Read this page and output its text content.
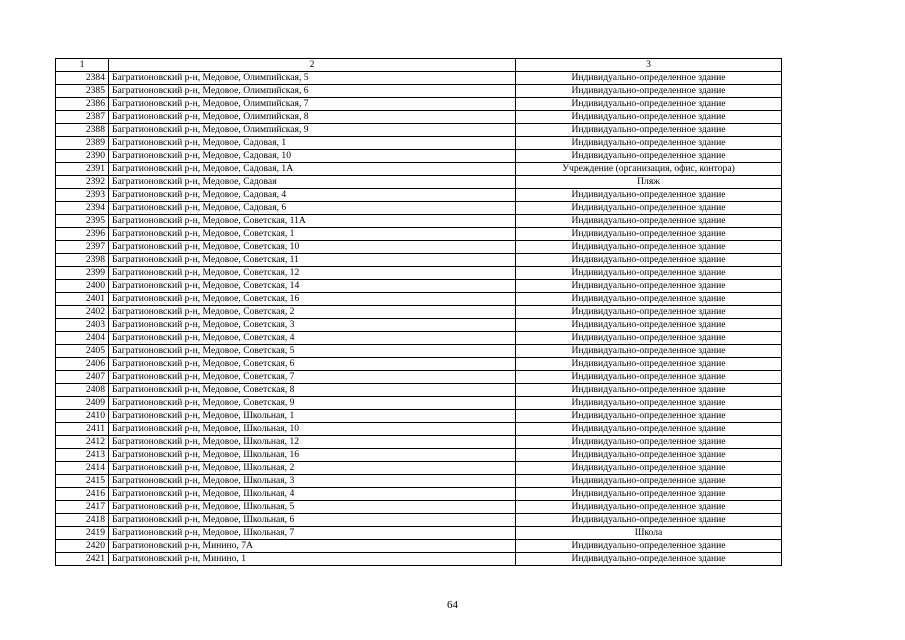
1	2	3
2384	Багратионовский р-н, Медовое, Олимпийская, 5	Индивидуально-определенное здание
2385	Багратионовский р-н, Медовое, Олимпийская, 6	Индивидуально-определенное здание
2386	Багратионовский р-н, Медовое, Олимпийская, 7	Индивидуально-определенное здание
2387	Багратионовский р-н, Медовое, Олимпийская, 8	Индивидуально-определенное здание
2388	Багратионовский р-н, Медовое, Олимпийская, 9	Индивидуально-определенное здание
2389	Багратионовский р-н, Медовое, Садовая, 1	Индивидуально-определенное здание
2390	Багратионовский р-н, Медовое, Садовая, 10	Индивидуально-определенное здание
2391	Багратионовский р-н, Медовое, Садовая, 1А	Учреждение (организация, офис, контора)
2392	Багратионовский р-н, Медовое, Садовая	Пляж
2393	Багратионовский р-н, Медовое, Садовая, 4	Индивидуально-определенное здание
2394	Багратионовский р-н, Медовое, Садовая, 6	Индивидуально-определенное здание
2395	Багратионовский р-н, Медовое, Советская, 11А	Индивидуально-определенное здание
2396	Багратионовский р-н, Медовое, Советская, 1	Индивидуально-определенное здание
2397	Багратионовский р-н, Медовое, Советская, 10	Индивидуально-определенное здание
2398	Багратионовский р-н, Медовое, Советская, 11	Индивидуально-определенное здание
2399	Багратионовский р-н, Медовое, Советская, 12	Индивидуально-определенное здание
2400	Багратионовский р-н, Медовое, Советская, 14	Индивидуально-определенное здание
2401	Багратионовский р-н, Медовое, Советская, 16	Индивидуально-определенное здание
2402	Багратионовский р-н, Медовое, Советская, 2	Индивидуально-определенное здание
2403	Багратионовский р-н, Медовое, Советская, 3	Индивидуально-определенное здание
2404	Багратионовский р-н, Медовое, Советская, 4	Индивидуально-определенное здание
2405	Багратионовский р-н, Медовое, Советская, 5	Индивидуально-определенное здание
2406	Багратионовский р-н, Медовое, Советская, 6	Индивидуально-определенное здание
2407	Багратионовский р-н, Медовое, Советская, 7	Индивидуально-определенное здание
2408	Багратионовский р-н, Медовое, Советская, 8	Индивидуально-определенное здание
2409	Багратионовский р-н, Медовое, Советская, 9	Индивидуально-определенное здание
2410	Багратионовский р-н, Медовое, Школьная, 1	Индивидуально-определенное здание
2411	Багратионовский р-н, Медовое, Школьная, 10	Индивидуально-определенное здание
2412	Багратионовский р-н, Медовое, Школьная, 12	Индивидуально-определенное здание
2413	Багратионовский р-н, Медовое, Школьная, 16	Индивидуально-определенное здание
2414	Багратионовский р-н, Медовое, Школьная, 2	Индивидуально-определенное здание
2415	Багратионовский р-н, Медовое, Школьная, 3	Индивидуально-определенное здание
2416	Багратионовский р-н, Медовое, Школьная, 4	Индивидуально-определенное здание
2417	Багратионовский р-н, Медовое, Школьная, 5	Индивидуально-определенное здание
2418	Багратионовский р-н, Медовое, Школьная, 6	Индивидуально-определенное здание
2419	Багратионовский р-н, Медовое, Школьная, 7	Школа
2420	Багратионовский р-н, Минино, 7А	Индивидуально-определенное здание
2421	Багратионовский р-н, Минино, 1	Индивидуально-определенное здание
64
